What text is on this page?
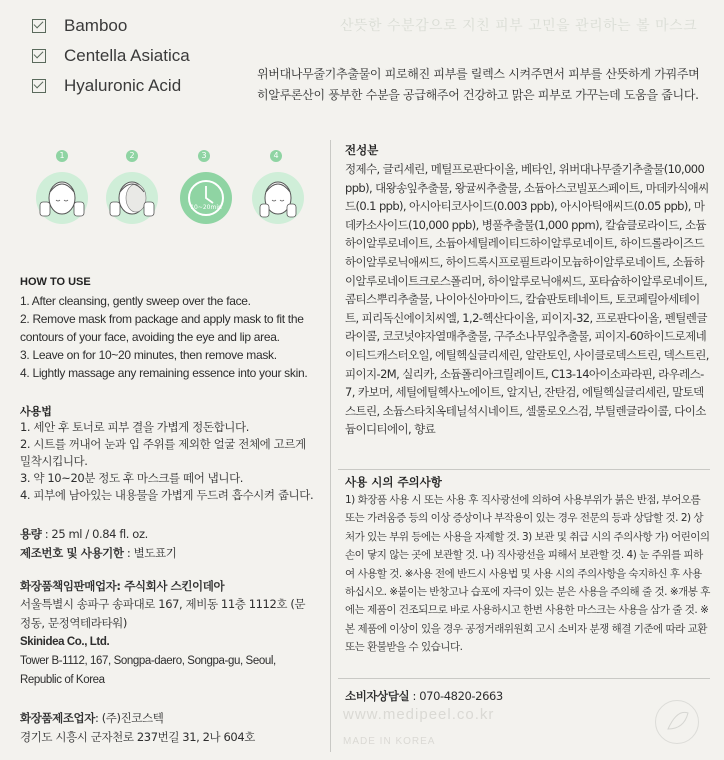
Bamboo
Centella Asiatica
Hyaluronic Acid
산뜻한 수분감으로 지친 피부 고민을 관리하는 볼 마스크
위버대나무줄기추출물이 피로해진 피부를 릴렉스 시켜주면서 피부를 산뜻하게 가꿔주며 히알루론산이 풍부한 수분을 공급해주어 건강하고 맑은 피부로 가꾸는데 도움을 줍니다.
1	2	3	4
10~20min
HOW TO USE
1. After cleansing, gently sweep over the face.
2. Remove mask from package and apply mask to fit the contours of your face, avoiding the eye and lip area.
3. Leave on for 10~20 minutes, then remove mask.
4. Lightly massage any remaining essence into your skin.
사용법
1. 세안 후 토너로 피부 결을 가볍게 정돈합니다.
2. 시트를 꺼내어 눈과 입 주위를 제외한 얼굴 전체에 고르게 밀착시킵니다.
3. 약 10~20분 정도 후 마스크를 떼어 냅니다.
4. 피부에 남아있는 내용물을 가볍게 두드려 흡수시켜 줍니다.
용량 : 25 ml / 0.84 fl. oz.
제조번호 및 사용기한 : 별도표기
화장품책임판매업자: 주식회사 스킨이데아
서울특별시 송파구 송파대로 167, 제비동 11층 1112호 (문정동, 문정역테라타워)
Skinidea Co., Ltd.
Tower B-1112, 167, Songpa-daero, Songpa-gu, Seoul, Republic of Korea
화장품제조업자: (주)진코스텍
경기도 시흥시 군자천로 237번길 31, 2나 604호
전성분
정제수, 글리세린, 메틸프로판다이올, 베타인, 위버대나무줄기추출물(10,000 ppb), 대왕송잎추출물, 왕귤씨추출물, 소듐아스코빌포스페이트, 마데카식애씨드(0.1 ppb), 아시아티코사이드(0.003 ppb), 아시아틱애씨드(0.05 ppb), 마데카소사이드(10,000 ppb), 병풀추출물(1,000 ppm), 칼슘클로라이드, 소듐하이알루로네이트, 소듐아세틸레이티드하이알루로네이트, 하이드롤라이즈드하이알루로닉애씨드, 하이드록시프로필트라이모늄하이알루로네이트, 소듐하이알루로네이트크로스폴리머, 하이알루로닉애씨드, 포타슘하이알루로네이트, 콤티스뿌리추출물, 나이아신아마이드, 칼슘판토테네이트, 토코페릴아세테이트, 피리독신에이치씨엘, 1,2-헥산다이올, 피이지-32, 프로판다이올, 펜틸렌글라이콜, 코코넛야자열매추출물, 구주소나무잎추출물, 피이지-60하이드로제네이티드캐스터오일, 에틸헥실글리세린, 알란토인, 사이클로덱스트린, 덱스트린, 피이지-2M, 실리카, 소듐폴리아크릴레이트, C13-14아이소파라핀, 라우레스-7, 카보머, 세틸에틸헥사노에이트, 알지닌, 잔탄검, 에틸헥실글리세린, 말토덱스트린, 소듐스타치옥테닐석시네이트, 셀룰로오스검, 부틸렌글라이콜, 다이소듐이디티에이, 향료
사용 시의 주의사항
1) 화장품 사용 시 또는 사용 후 직사광선에 의하여 사용부위가 붉은 반점, 부어오름 또는 가려움증 등의 이상 증상이나 부작용이 있는 경우 전문의 등과 상담할 것. 2) 상처가 있는 부위 등에는 사용을 자제할 것. 3) 보관 및 취급 시의 주의사항 가) 어린이의 손이 닿지 않는 곳에 보관할 것. 나) 직사광선을 피해서 보관할 것. 4) 눈 주위를 피하여 사용할 것. ※사용 전에 반드시 사용법 및 사용 시의 주의사항을 숙지하신 후 사용하십시오. ※붙이는 반창고나 습포에 자극이 있는 분은 사용을 주의해 줄 것. ※개봉 후에는 제품이 건조되므로 바로 사용하시고 한번 사용한 마스크는 사용을 삼가 줄 것. ※본 제품에 이상이 있을 경우 공정거래위원회 고시 소비자 분쟁 해결 기준에 따라 교환 또는 환불받을 수 있습니다.
소비자상담실 : 070-4820-2663
www.medipeel.co.kr
MADE IN KOREA
